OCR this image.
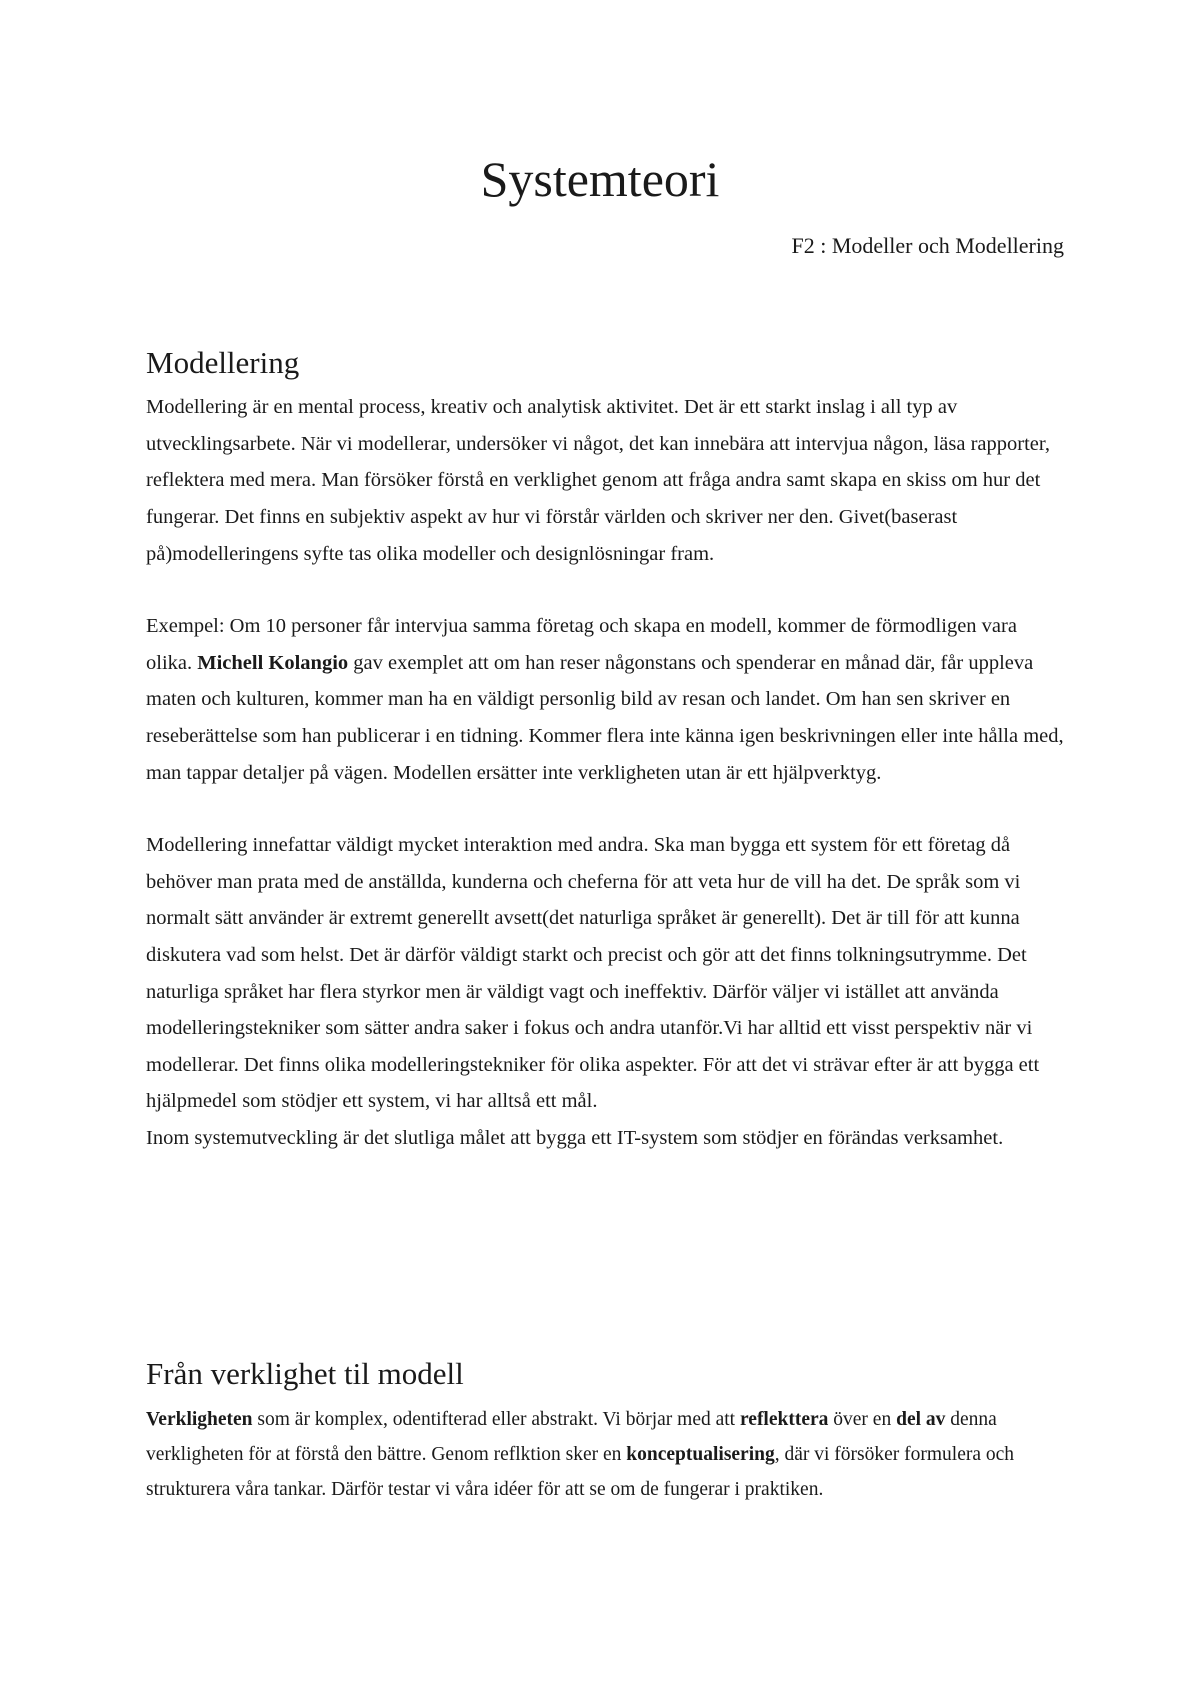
Systemteori
F2 : Modeller och Modellering
Modellering

Modellering är en mental process, kreativ och analytisk aktivitet. Det är ett starkt inslag i all typ av utvecklingsarbete. När vi modellerar, undersöker vi något, det kan innebära att intervjua någon, läsa rapporter, reflektera med mera. Man försöker förstå en verklighet genom att fråga andra samt skapa en skiss om hur det fungerar. Det finns en subjektiv aspekt av hur vi förstår världen och skriver ner den. Givet(baserast på)modelleringens syfte tas olika modeller och designlösningar fram.

Exempel: Om 10 personer får intervjua samma företag och skapa en modell, kommer de förmodligen vara olika. Michell Kolangio gav exemplet att om han reser någonstans och spenderar en månad där, får uppleva maten och kulturen, kommer man ha en väldigt personlig bild av resan och landet. Om han sen skriver en reseberättelse som han publicerar i en tidning. Kommer flera inte känna igen beskrivningen eller inte hålla med, man tappar detaljer på vägen. Modellen ersätter inte verkligheten utan är ett hjälpverktyg.

Modellering innefattar väldigt mycket interaktion med andra. Ska man bygga ett system för ett företag då behöver man prata med de anställda, kunderna och cheferna för att veta hur de vill ha det. De språk som vi normalt sätt använder är extremt generellt avsett(det naturliga språket är generellt). Det är till för att kunna diskutera vad som helst. Det är därför väldigt starkt och precist och gör att det finns tolkningsutrymme. Det naturliga språket har flera styrkor men är väldigt vagt och ineffektiv. Därför väljer vi istället att använda modelleringstekniker som sätter andra saker i fokus och andra utanför.Vi har alltid ett visst perspektiv när vi modellerar. Det finns olika modelleringstekniker för olika aspekter. För att det vi strävar efter är att bygga ett hjälpmedel som stödjer ett system, vi har alltså ett mål.

Inom systemutveckling är det slutliga målet att bygga ett IT-system som stödjer en förändas verksamhet.

Från verklighet til modell

Verkligheten som är komplex, odentifterad eller abstrakt. Vi börjar med att reflekttera över en del av denna verkligheten för at förstå den bättre. Genom reflktion sker en konceptualisering, där vi försöker formulera och strukturera våra tankar. Därför testar vi våra idéer för att se om de fungerar i praktiken.
